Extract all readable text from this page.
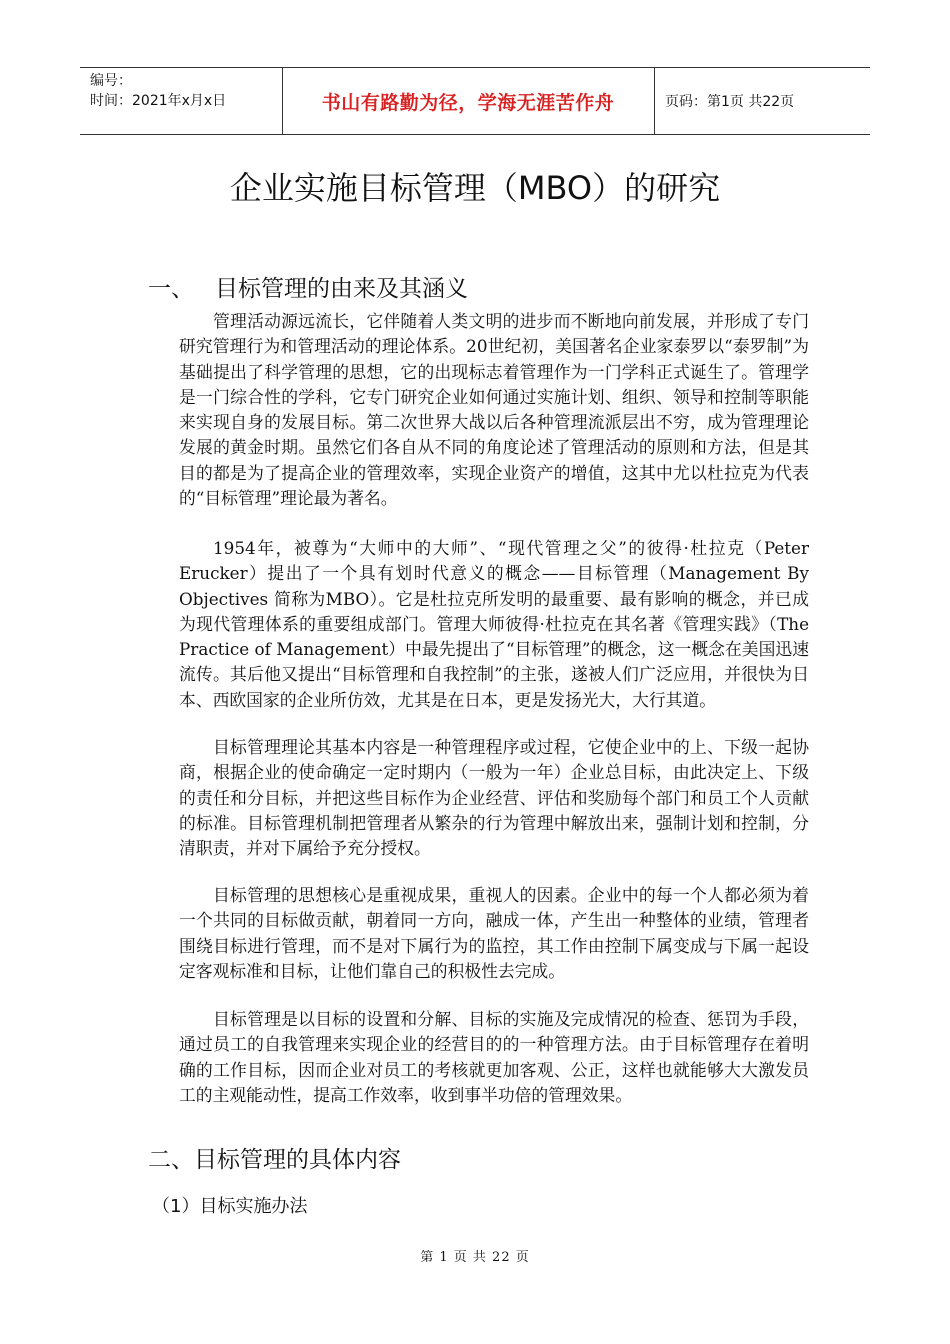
编号：
时间：2021年x月x日	书山有路勤为径，学海无涯苦作舟	页码：第1页 共22页
企业实施目标管理（MBO）的研究
一、 目标管理的由来及其涵义

管理活动源远流长，它伴随着人类文明的进步而不断地向前发展，并形成了专门研究管理行为和管理活动的理论体系。20世纪初，美国著名企业家泰罗以“泰罗制”为基础提出了科学管理的思想，它的出现标志着管理作为一门学科正式诞生了。管理学是一门综合性的学科，它专门研究企业如何通过实施计划、组织、领导和控制等职能来实现自身的发展目标。第二次世界大战以后各种管理流派层出不穷，成为管理理论发展的黄金时期。虽然它们各自从不同的角度论述了管理活动的原则和方法，但是其目的都是为了提高企业的管理效率，实现企业资产的增值，这其中尤以杜拉克为代表的“目标管理”理论最为著名。

1954年，被尊为“大师中的大师”、“现代管理之父”的彼得·杜拉克（Peter Erucker）提出了一个具有划时代意义的概念——目标管理（Management By Objectives 简称为MBO）。它是杜拉克所发明的最重要、最有影响的概念，并已成为现代管理体系的重要组成部门。管理大师彼得·杜拉克在其名著《管理实践》（The Practice of Management）中最先提出了“目标管理”的概念，这一概念在美国迅速流传。其后他又提出“目标管理和自我控制”的主张，遂被人们广泛应用，并很快为日本、西欧国家的企业所仿效，尤其是在日本，更是发扬光大，大行其道。

目标管理理论其基本内容是一种管理程序或过程，它使企业中的上、下级一起协商，根据企业的使命确定一定时期内（一般为一年）企业总目标，由此决定上、下级的责任和分目标，并把这些目标作为企业经营、评估和奖励每个部门和员工个人贡献的标准。目标管理机制把管理者从繁杂的行为管理中解放出来，强制计划和控制，分清职责，并对下属给予充分授权。

目标管理的思想核心是重视成果，重视人的因素。企业中的每一个人都必须为着一个共同的目标做贡献，朝着同一方向，融成一体，产生出一种整体的业绩，管理者围绕目标进行管理，而不是对下属行为的监控，其工作由控制下属变成与下属一起设定客观标准和目标，让他们靠自己的积极性去完成。

目标管理是以目标的设置和分解、目标的实施及完成情况的检查、惩罚为手段，通过员工的自我管理来实现企业的经营目的的一种管理方法。由于目标管理存在着明确的工作目标，因而企业对员工的考核就更加客观、公正，这样也就能够大大激发员工的主观能动性，提高工作效率，收到事半功倍的管理效果。

二、目标管理的具体内容
（1）目标实施办法
第 1 页 共 22 页
